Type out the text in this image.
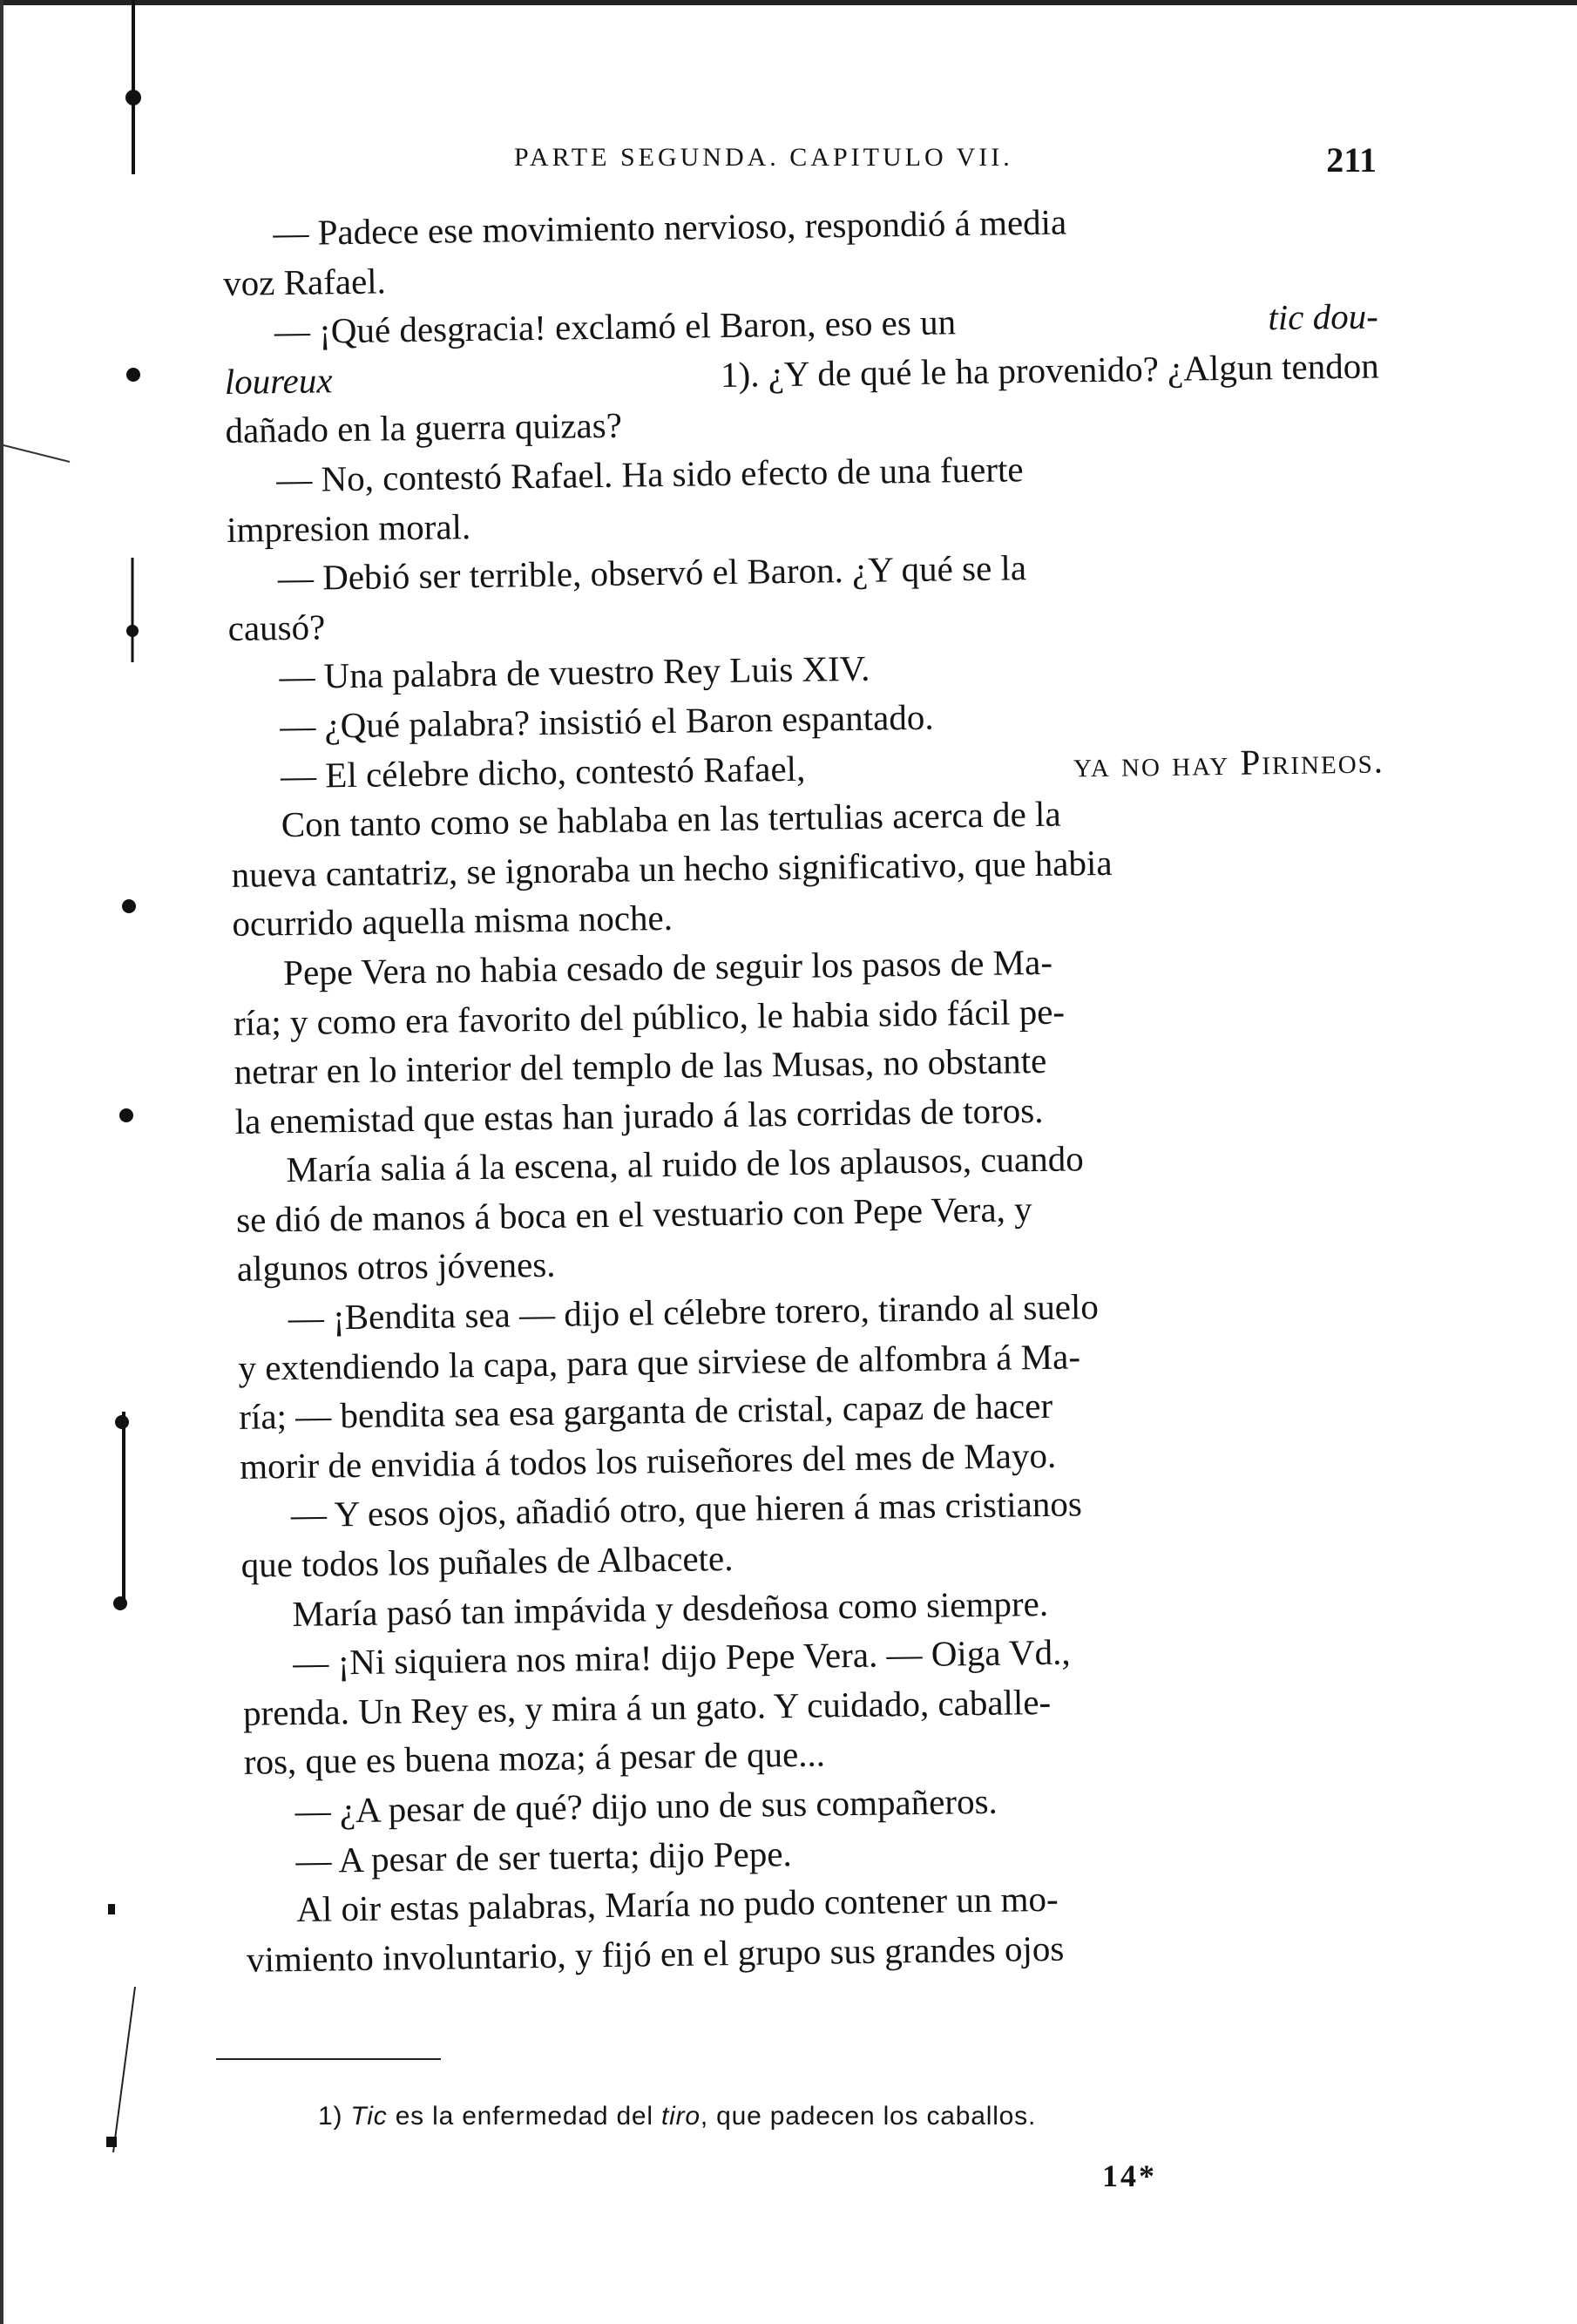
PARTE SEGUNDA. CAPITULO VII.	211
— Padece ese movimiento nervioso, respondió á media
voz Rafael.
— ¡Qué desgracia! exclamó el Baron, eso es un	tic dou-
loureux	1). ¿Y de qué le ha provenido? ¿Algun tendon
dañado en la guerra quizas?
— No, contestó Rafael. Ha sido efecto de una fuerte
impresion moral.
— Debió ser terrible, observó el Baron. ¿Y qué se la
causó?
— Una palabra de vuestro Rey Luis XIV.
— ¿Qué palabra? insistió el Baron espantado.
— El célebre dicho, contestó Rafael,	ya no hay Pirineos.
Con tanto como se hablaba en las tertulias acerca de la
nueva cantatriz, se ignoraba un hecho significativo, que habia
ocurrido aquella misma noche.
Pepe Vera no habia cesado de seguir los pasos de Ma-
ría; y como era favorito del público, le habia sido fácil pe-
netrar en lo interior del templo de las Musas, no obstante
la enemistad que estas han jurado á las corridas de toros.
María salia á la escena, al ruido de los aplausos, cuando
se dió de manos á boca en el vestuario con Pepe Vera, y
algunos otros jóvenes.
— ¡Bendita sea — dijo el célebre torero, tirando al suelo
y extendiendo la capa, para que sirviese de alfombra á Ma-
ría; — bendita sea esa garganta de cristal, capaz de hacer
morir de envidia á todos los ruiseñores del mes de Mayo.
— Y esos ojos, añadió otro, que hieren á mas cristianos
que todos los puñales de Albacete.
María pasó tan impávida y desdeñosa como siempre.
— ¡Ni siquiera nos mira! dijo Pepe Vera. — Oiga Vd.,
prenda. Un Rey es, y mira á un gato. Y cuidado, caballe-
ros, que es buena moza; á pesar de que...
— ¿A pesar de qué? dijo uno de sus compañeros.
— A pesar de ser tuerta; dijo Pepe.
Al oir estas palabras, María no pudo contener un mo-
vimiento involuntario, y fijó en el grupo sus grandes ojos
1) Tic es la enfermedad del tiro, que padecen los caballos.
14*
